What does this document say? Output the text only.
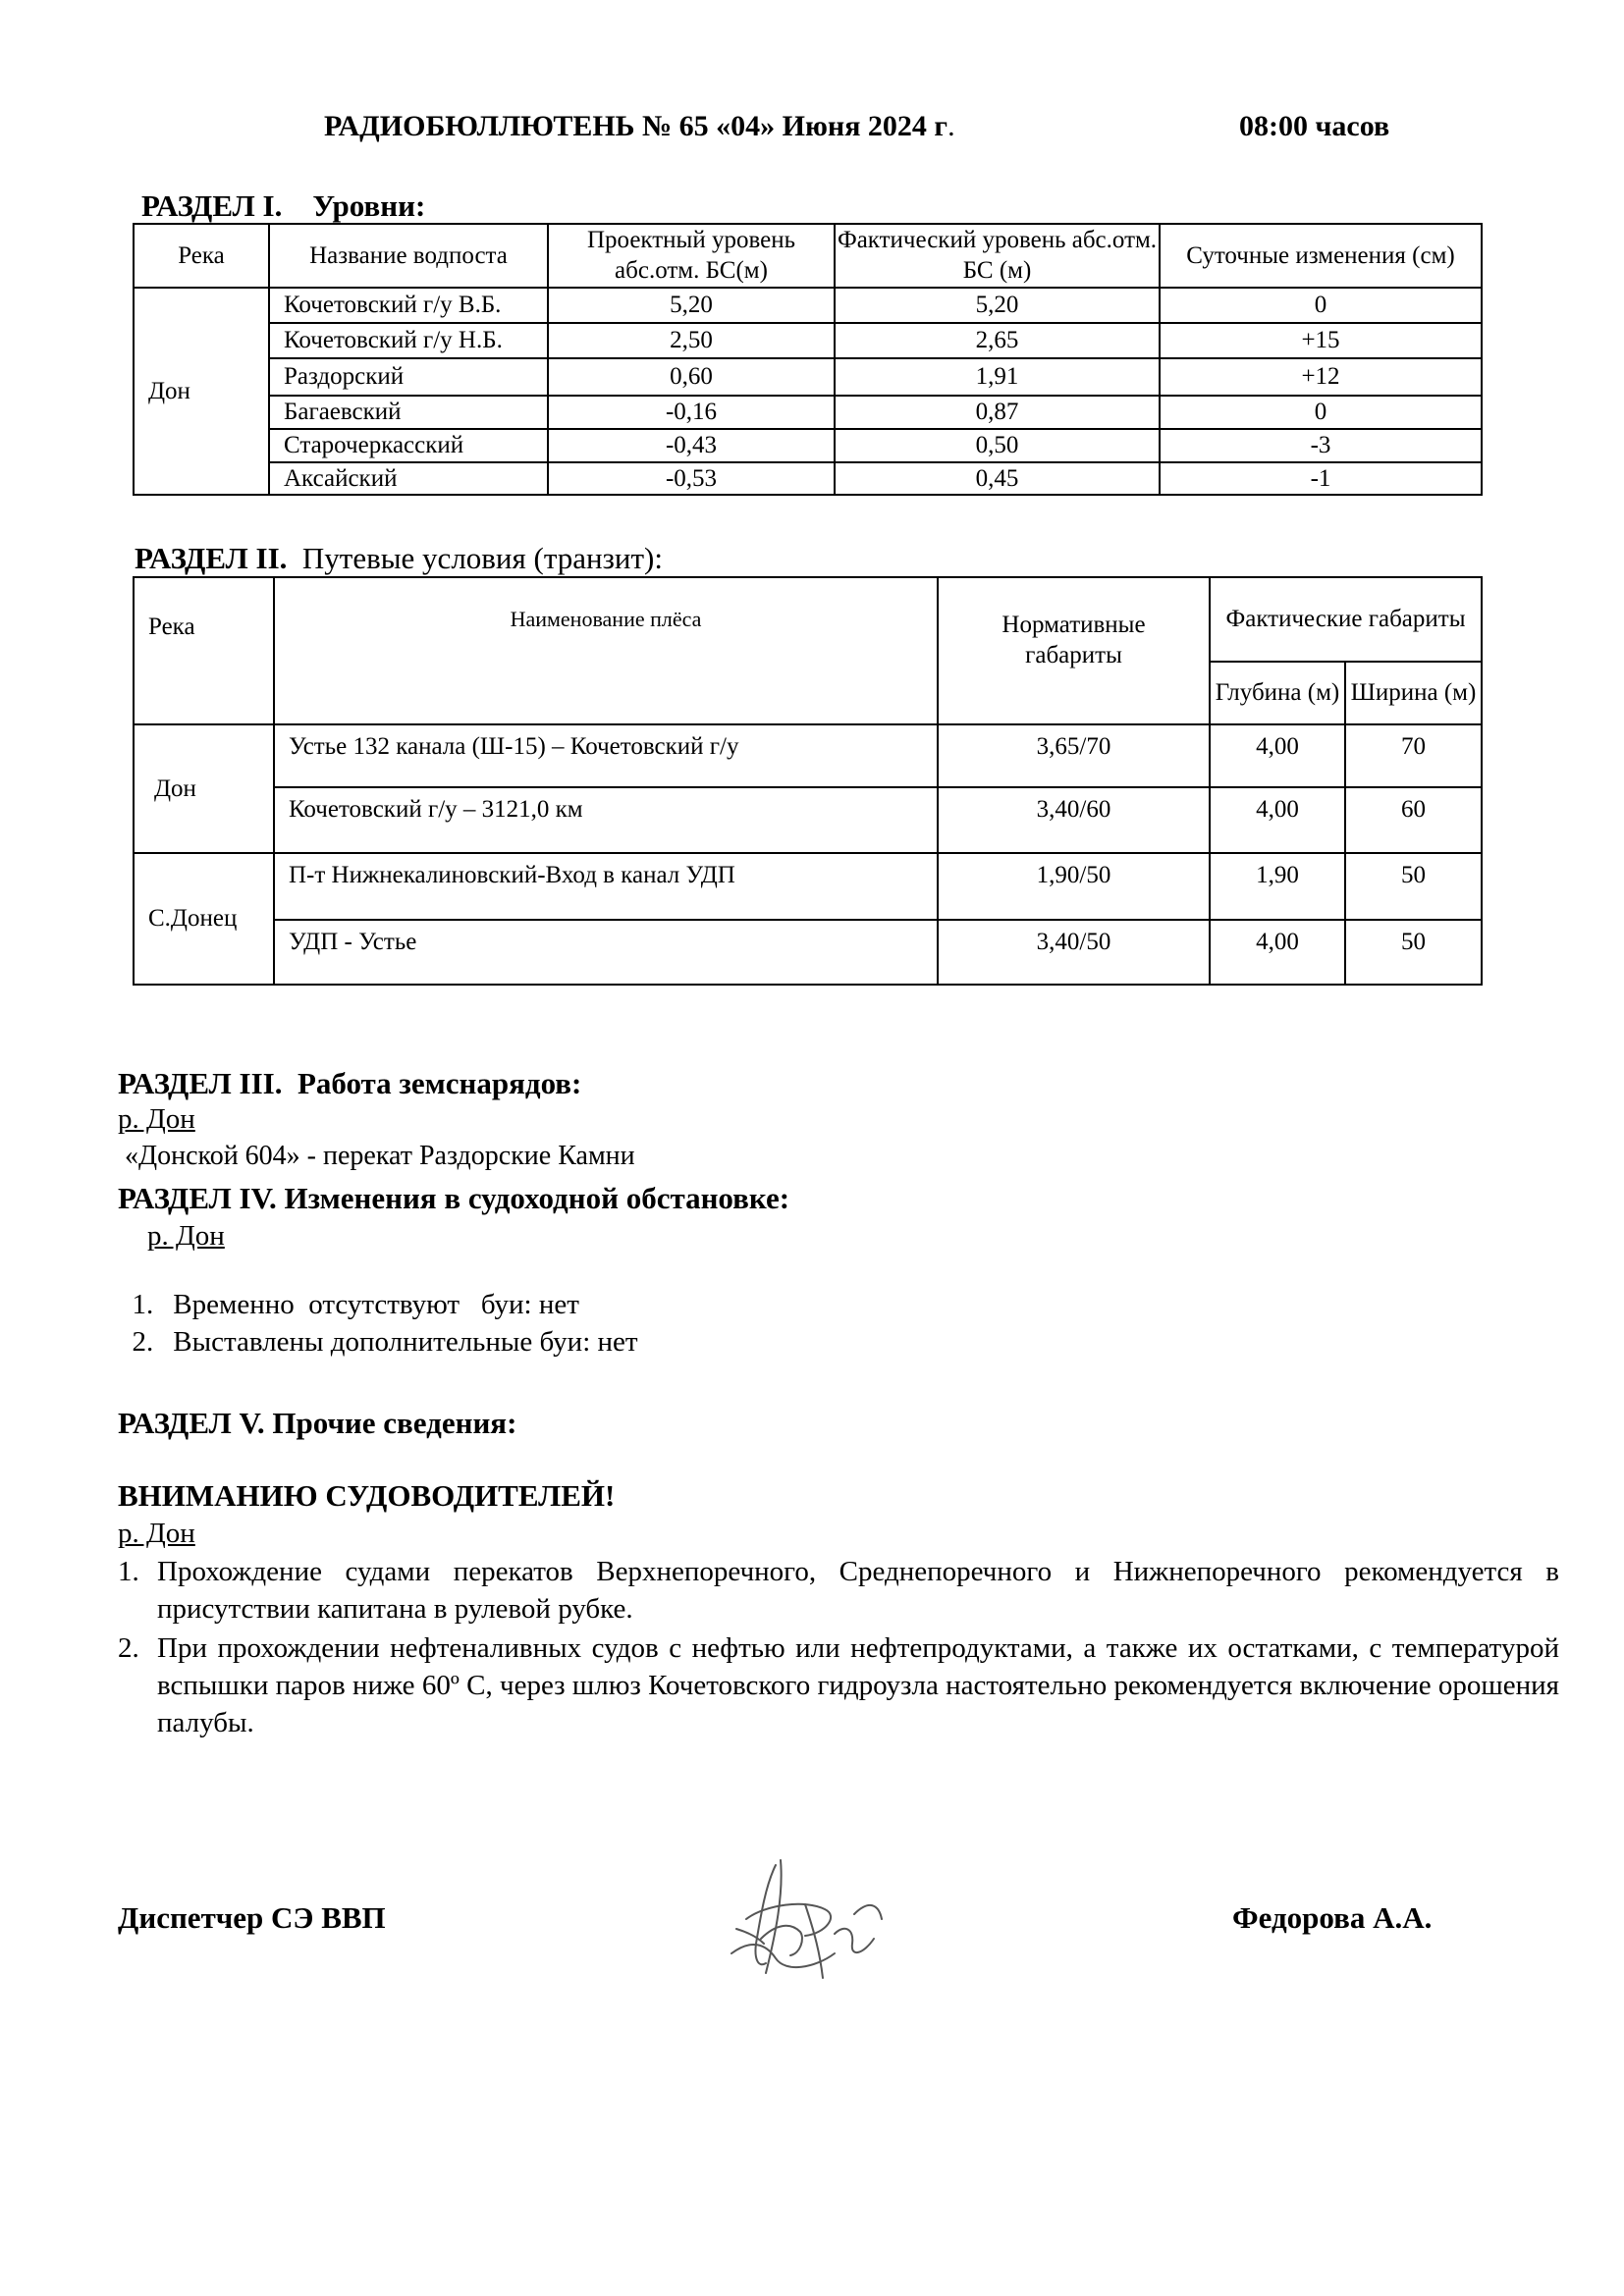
РАДИОБЮЛЛЮТЕНЬ № 65 «04» Июня 2024 г.	08:00 часов
РАЗДЕЛ I.    Уровни:
Река	Название водпоста	Проектный уровень абс.отм. БС(м)	Фактический уровень абс.отм. БС (м)	Суточные изменения (см)
Дон	Кочетовский г/у В.Б.	5,20	5,20	0
	Кочетовский г/у Н.Б.	2,50	2,65	+15
	Раздорский	0,60	1,91	+12
	Багаевский	-0,16	0,87	0
	Старочеркасский	-0,43	0,50	-3
	Аксайский	-0,53	0,45	-1
РАЗДЕЛ II. Путевые условия (транзит):
Река	Наименование плёса	Нормативные габариты	Фактические габариты	
			Глубина (м)	Ширина (м)
Дон	Устье 132 канала (Ш-15) – Кочетовский г/у	3,65/70	4,00	70
	Кочетовский г/у – 3121,0 км	3,40/60	4,00	60
С.Донец	П-т Нижнекалиновский-Вход в канал УДП	1,90/50	1,90	50
	УДП - Устье	3,40/50	4,00	50
РАЗДЕЛ III.  Работа земснарядов:
р. Дон
«Донской 604» - перекат Раздорские Камни
РАЗДЕЛ IV. Изменения в судоходной обстановке:
р. Дон

1. Временно  отсутствуют   буи: нет

2. Выставлены дополнительные буи: нет

РАЗДЕЛ V. Прочие сведения:
ВНИМАНИЮ СУДОВОДИТЕЛЕЙ!
р. Дон
1. Прохождение судами перекатов Верхнепоречного, Среднепоречного и Нижнепоречного рекомендуется в присутствии капитана в рулевой рубке.
2. При прохождении нефтеналивных судов с нефтью или нефтепродуктами, а также их остатками, с температурой вспышки паров ниже 60º С, через шлюз Кочетовского гидроузла настоятельно рекомендуется включение орошения палубы.
Диспетчер СЭ ВВП	Федорова А.А.
